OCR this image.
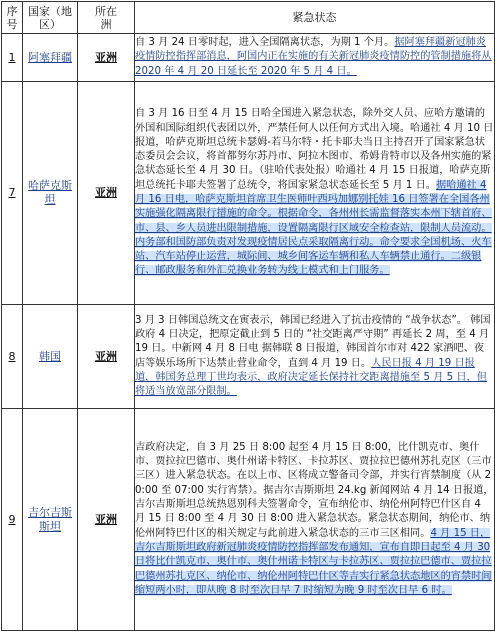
序
号	国家（地
区）	所在
洲	紧急状态
1	阿塞拜疆	亚洲	自 3 月 24 日零时起，进入全国隔离状态，为期 1 个月。据阿塞拜疆新冠肺炎疫情防控指挥部消息，阿国内正在实施的有关新冠肺炎疫情防控的管制措施将从 2020 年 4 月 20 日延长至 2020 年 5 月 4 日。
7	哈萨克斯坦	亚洲	自 3 月 16 日至 4 月 15 日哈全国进入紧急状态，除外交人员、应哈方邀请的外国和国际组织代表团以外，严禁任何人以任何方式出入境。哈通社 4 月 10 日报道，哈萨克斯坦总统卡瑟姆-若马尔特・托卡耶夫当日主持召开了国家紧急状态委员会会议，将首都努尔苏丹市、阿拉木图市、希姆肯特市以及各州实施的紧急状态延长至 4 月 30 日。（驻哈代表处报）哈通社 4 月 15 日报道，哈萨克斯坦总统托卡耶夫签署了总统令，将国家紧急状态延长至 5 月 1 日。据哈通社 4 月 16 日电，哈萨克斯坦首席卫生医师叶西玛加娜别托娃 16 日签署在全国各州实施强化隔离限行措施的命令。根据命令，各州州长需监督落实本州下辖首府、市、县、乡人员进出限制措施，设置隔离限行区域安全检查站，限制人员流动。内务部和国防部负责对发现疫情居民点采取隔离行动。命令要求全国机场、火车站、汽车站停止运营，城际间、城乡间客运车辆和私人车辆禁止通行。二级银行、邮政服务和外汇兑换业务转为线上模式和上门服务。
8	韩国	亚洲	3 月 3 日韩国总统文在寅表示，韩国已经进入了抗击疫情的 “战争状态”。 韩国政府 4 日决定，把原定截止到 5 日的 “社交距离严守期” 再延长 2 周，至 4 月 19 日。中新网 4 月 8 日电 据韩联 8 日报道，韩国首尔市对 422 家酒吧、夜店等娱乐场所下达禁止营业命令，直到 4 月 19 日。人民日报 4 月 19 日报道，韩国务总理丁世均表示，政府决定延长保持社交距离措施至 5 月 5 日，但将适当放宽部分限制。
9	吉尔吉斯斯坦	亚洲	吉政府决定，自 3 月 25 日 8:00 起至 4 月 15 日 8:00，比什凯克市、奥什市、贾拉拉巴德市、奥什州诺卡特区、卡拉苏区、贾拉拉巴德州苏扎克区（三市三区）进入紧急状态。在以上市、区将成立警备司令部，并实行宵禁制度（从 20:00 至 07:00 实行宵禁）。据吉尔吉斯斯坦 24.kg 新闻网站 4 月 14 日报道，吉尔吉斯斯坦总统热恩别科夫签署命令，宣布纳伦市、纳伦州阿特巴什区自 4 月 15 日 8:00 至 4 月 30 日 8:00 进入紧急状态。紧急状态期间，纳伦市、纳伦州阿特巴什区的相关规定与此前进入紧急状态的三市三区相同。4 月 15 日，吉尔吉斯斯坦政府新冠肺炎疫情防控指挥部发布通知，宣布自即日起至 4 月 30 日将比什凯克市、奥什市、奥什州诺卡特区与卡拉苏区、贾拉拉巴德市、贾拉拉巴德州苏扎克区、纳伦市、纳伦州阿特巴什区等吉实行紧急状态地区的宵禁时间缩短两小时，即从晚 8 时至次日早 7 时缩短为晚 9 时至次日早 6 时。
